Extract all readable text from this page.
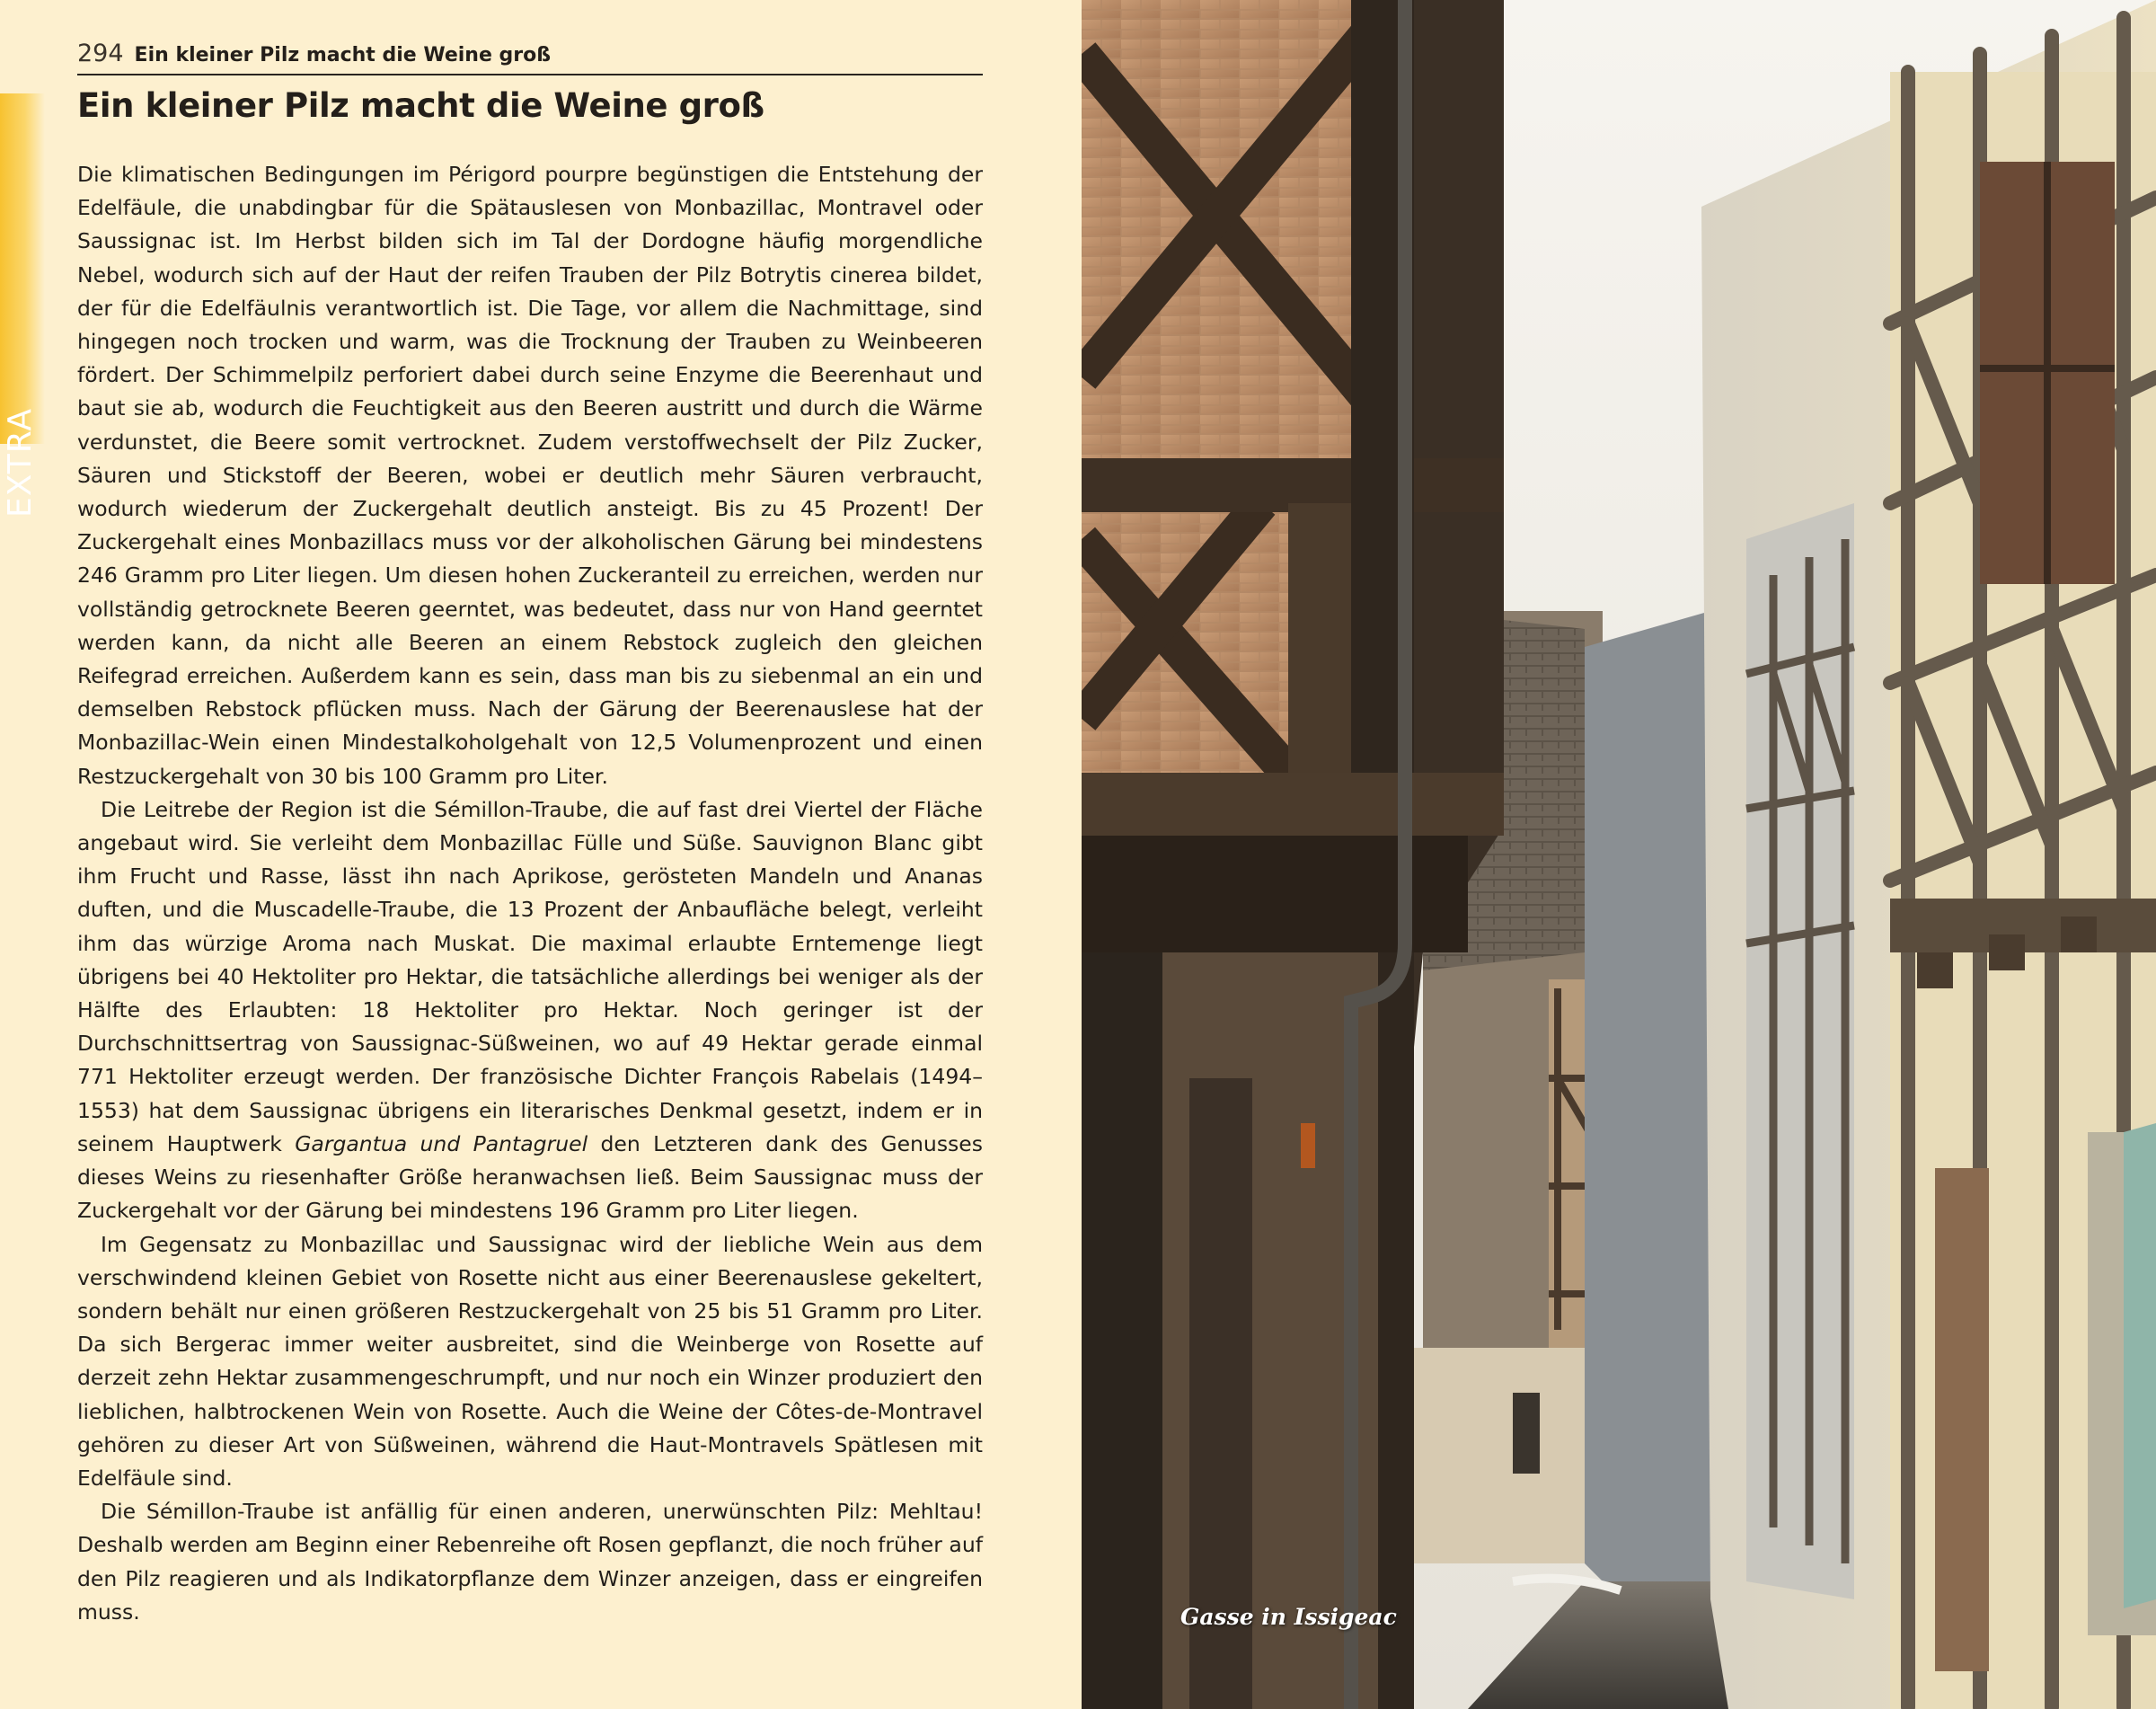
EXTRA
294 Ein kleiner Pilz macht die Weine groß
Ein kleiner Pilz macht die Weine groß

Die klimatischen Bedingungen im Périgord pourpre begünstigen die Entstehung der Edelfäule, die unabdingbar für die Spätauslesen von Monbazillac, Montravel oder Saussignac ist. Im Herbst bilden sich im Tal der Dordogne häufig morgendliche Nebel, wodurch sich auf der Haut der reifen Trauben der Pilz Botrytis cinerea bildet, der für die Edelfäulnis verantwortlich ist. Die Tage, vor allem die Nachmittage, sind hingegen noch trocken und warm, was die Trocknung der Trauben zu Weinbeeren fördert. Der Schimmelpilz perforiert dabei durch seine Enzyme die Beerenhaut und baut sie ab, wodurch die Feuchtigkeit aus den Beeren austritt und durch die Wärme verdunstet, die Beere somit vertrocknet. Zudem verstoffwechselt der Pilz Zucker, Säuren und Stickstoff der Beeren, wobei er deutlich mehr Säuren verbraucht, wodurch wiederum der Zuckergehalt deutlich ansteigt. Bis zu 45 Prozent! Der Zuckergehalt eines Monbazillacs muss vor der alkoholischen Gärung bei mindestens 246 Gramm pro Liter liegen. Um diesen hohen Zuckeranteil zu erreichen, werden nur vollständig getrocknete Beeren geerntet, was bedeutet, dass nur von Hand geerntet werden kann, da nicht alle Beeren an einem Rebstock zugleich den gleichen Reifegrad erreichen. Außerdem kann es sein, dass man bis zu siebenmal an ein und demselben Rebstock pflücken muss. Nach der Gärung der Beerenauslese hat der Monbazillac-Wein einen Mindestalkoholgehalt von 12,5 Volumenprozent und einen Restzuckergehalt von 30 bis 100 Gramm pro Liter.

Die Leitrebe der Region ist die Sémillon-Traube, die auf fast drei Viertel der Fläche angebaut wird. Sie verleiht dem Monbazillac Fülle und Süße. Sauvignon Blanc gibt ihm Frucht und Rasse, lässt ihn nach Aprikose, gerösteten Mandeln und Ananas duften, und die Muscadelle-Traube, die 13 Prozent der Anbaufläche belegt, verleiht ihm das würzige Aroma nach Muskat. Die maximal erlaubte Erntemenge liegt übrigens bei 40 Hektoliter pro Hektar, die tatsächliche allerdings bei weniger als der Hälfte des Erlaubten: 18 Hektoliter pro Hektar. Noch geringer ist der Durchschnittsertrag von Saussignac-Süßweinen, wo auf 49 Hektar gerade einmal 771 Hektoliter erzeugt werden. Der französische Dichter François Rabelais (1494–1553) hat dem Saussignac übrigens ein literarisches Denkmal gesetzt, indem er in seinem Hauptwerk Gargantua und Pantagruel den Letzteren dank des Genusses dieses Weins zu riesenhafter Größe heranwachsen ließ. Beim Saussignac muss der Zuckergehalt vor der Gärung bei mindestens 196 Gramm pro Liter liegen.

Im Gegensatz zu Monbazillac und Saussignac wird der liebliche Wein aus dem verschwindend kleinen Gebiet von Rosette nicht aus einer Beerenauslese gekeltert, sondern behält nur einen größeren Restzuckergehalt von 25 bis 51 Gramm pro Liter. Da sich Bergerac immer weiter ausbreitet, sind die Weinberge von Rosette auf derzeit zehn Hektar zusammengeschrumpft, und nur noch ein Winzer produziert den lieblichen, halbtrockenen Wein von Rosette. Auch die Weine der Côtes-de-Montravel gehören zu dieser Art von Süßweinen, während die Haut-Montravels Spätlesen mit Edelfäule sind.

Die Sémillon-Traube ist anfällig für einen anderen, unerwünschten Pilz: Mehltau! Deshalb werden am Beginn einer Rebenreihe oft Rosen gepflanzt, die noch früher auf den Pilz reagieren und als Indikatorpflanze dem Winzer anzeigen, dass er eingreifen muss.	Gasse in Issigeac
